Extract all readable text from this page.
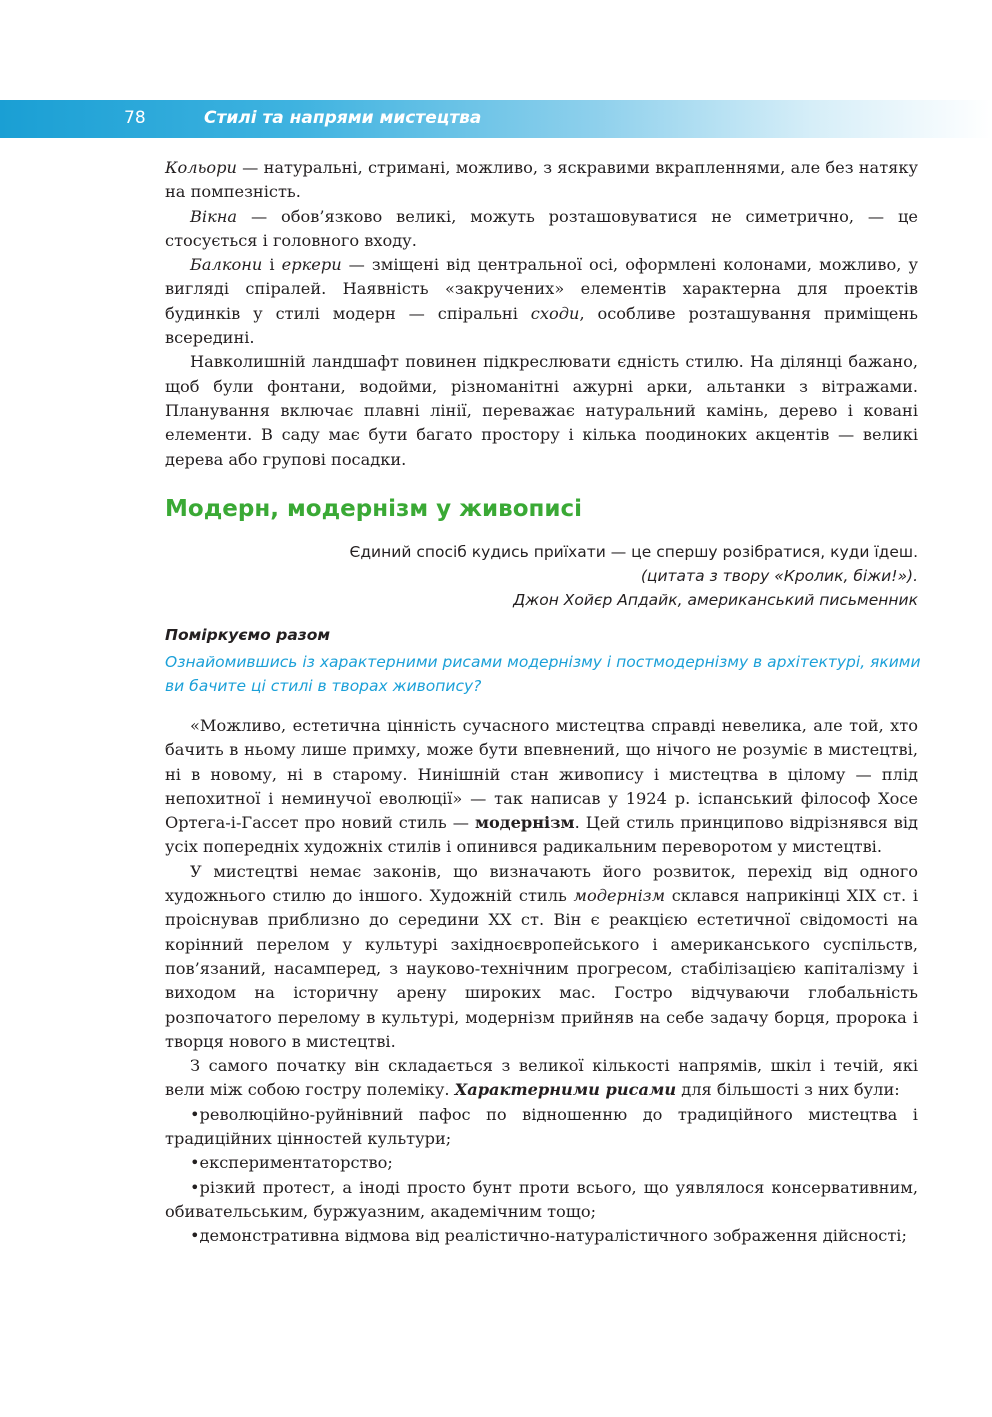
78	Стилі та напрями мистецтва

Кольори — натуральні, стримані, можливо, з яскравими вкрапленнями, але без натяку на помпезність.

Вікна — обов’язково великі, можуть розташовуватися не симетрично, — це стосується і головного входу.

Балкони і еркери — зміщені від центральної осі, оформлені колонами, можливо, у вигляді спіралей. Наявність «закручених» елементів характерна для проектів будинків у стилі модерн — спіральні сходи, особливе розташування приміщень всередині.

Навколишній ландшафт повинен підкреслювати єдність стилю. На ділянці бажано, щоб були фонтани, водойми, різноманітні ажурні арки, альтанки з вітражами. Планування включає плавні лінії, переважає натуральний камінь, дерево і ковані елементи. В саду має бути багато простору і кілька поодиноких акцентів — великі дерева або групові посадки.

Модерн, модернізм у живописі
Єдиний спосіб кудись приїхати — це спершу розібратися, куди їдеш.
(цитата з твору «Кролик, біжи!»).
Джон Хойєр Апдайк, американський письменник
Поміркуємо разом
Ознайомившись із характерними рисами модернізму і постмодернізму в архітектурі, якими ви бачите ці стилі в творах живопису?

«Можливо, естетична цінність сучасного мистецтва справді невелика, але той, хто бачить в ньому лише примху, може бути впевнений, що нічого не розуміє в мистецтві, ні в новому, ні в старому. Нинішній стан живопису і мистецтва в цілому — плід непохитної і неминучої еволюції» — так написав у 1924 р. іспанський філософ Хосе Ортега-і-Гассет про новий стиль — модернізм. Цей стиль принципово відрізнявся від усіх попередніх художніх стилів і опинився радикальним переворотом у мистецтві.

У мистецтві немає законів, що визначають його розвиток, перехід від одного художнього стилю до іншого. Художній стиль модернізм склався наприкінці XIX ст. і проіснував приблизно до середини XX ст. Він є реакцією естетичної свідомості на корінний перелом у культурі західноєвропейського і американського суспільств, пов’язаний, насамперед, з науково-технічним прогресом, стабілізацією капіталізму і виходом на історичну арену широких мас. Гостро відчуваючи глобальність розпочатого перелому в культурі, модернізм прийняв на себе задачу борця, пророка і творця нового в мистецтві.

З самого початку він складається з великої кількості напрямів, шкіл і течій, які вели між собою гостру полеміку. Характерними рисами для більшості з них були:

•революційно-руйнівний пафос по відношенню до традиційного мистецтва і традиційних цінностей культури;

•експериментаторство;

•різкий протест, а іноді просто бунт проти всього, що уявлялося консервативним, обивательським, буржуазним, академічним тощо;

•демонстративна відмова від реалістично-натуралістичного зображення дійсності;
